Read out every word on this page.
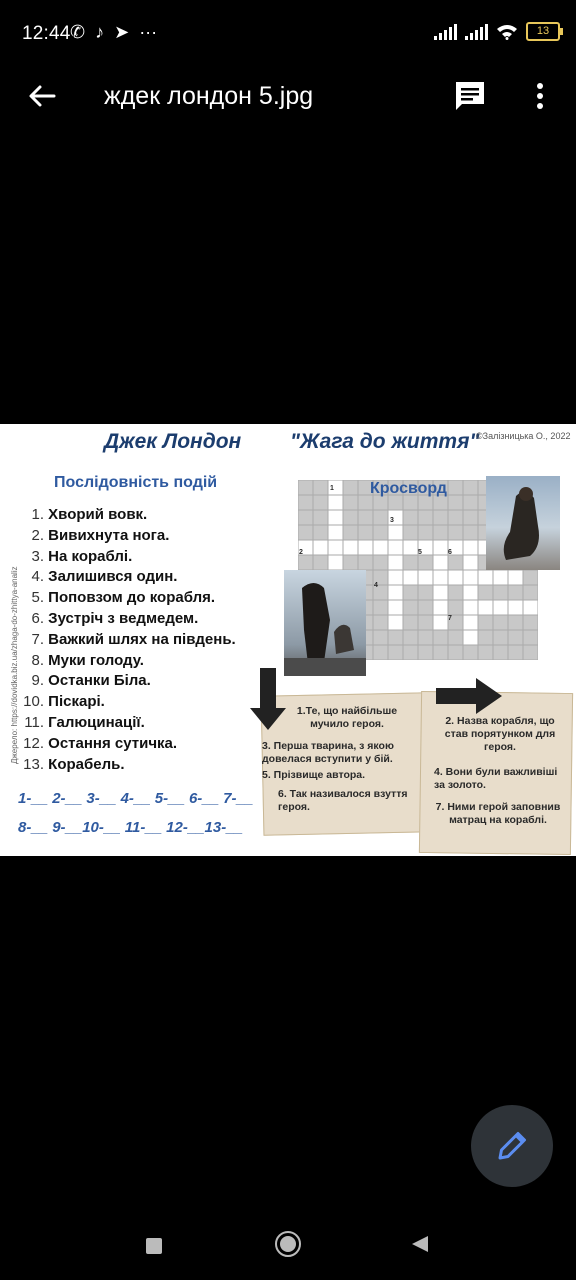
12:44 ✆ ♪ ➤ ···	13
ждек лондон 5.jpg
Джек Лондон "Жага до життя"
©Залізницька О., 2022
Джерело: https://dovidka.biz.ua/zhaga-do-zhittya-analiz
Послідовність подій
1. Хворий вовк.
2. Вивихнута нога.
3. На кораблі.
4. Залишився один.
5. Поповзом до корабля.
6. Зустріч з ведмедем.
7. Важкий шлях на південь.
8. Муки голоду.
9. Останки Біла.
10. Піскарі.
11. Галюцинації.
12. Остання сутичка.
13. Корабель.
1-__ 2-__ 3-__ 4-__ 5-__ 6-__ 7-__
8-__ 9-__10-__ 11-__ 12-__13-__
Кросворд
1
3
2	5	6
4
7
1.Те, що найбільше мучило героя.
3. Перша тварина, з якою довелася вступити у бій.
5. Прізвище автора.
6. Так називалося взуття героя.
2. Назва корабля, що став порятунком для героя.
4. Вони були важливіші за золото.
7. Ними герой заповнив матрац на кораблі.
